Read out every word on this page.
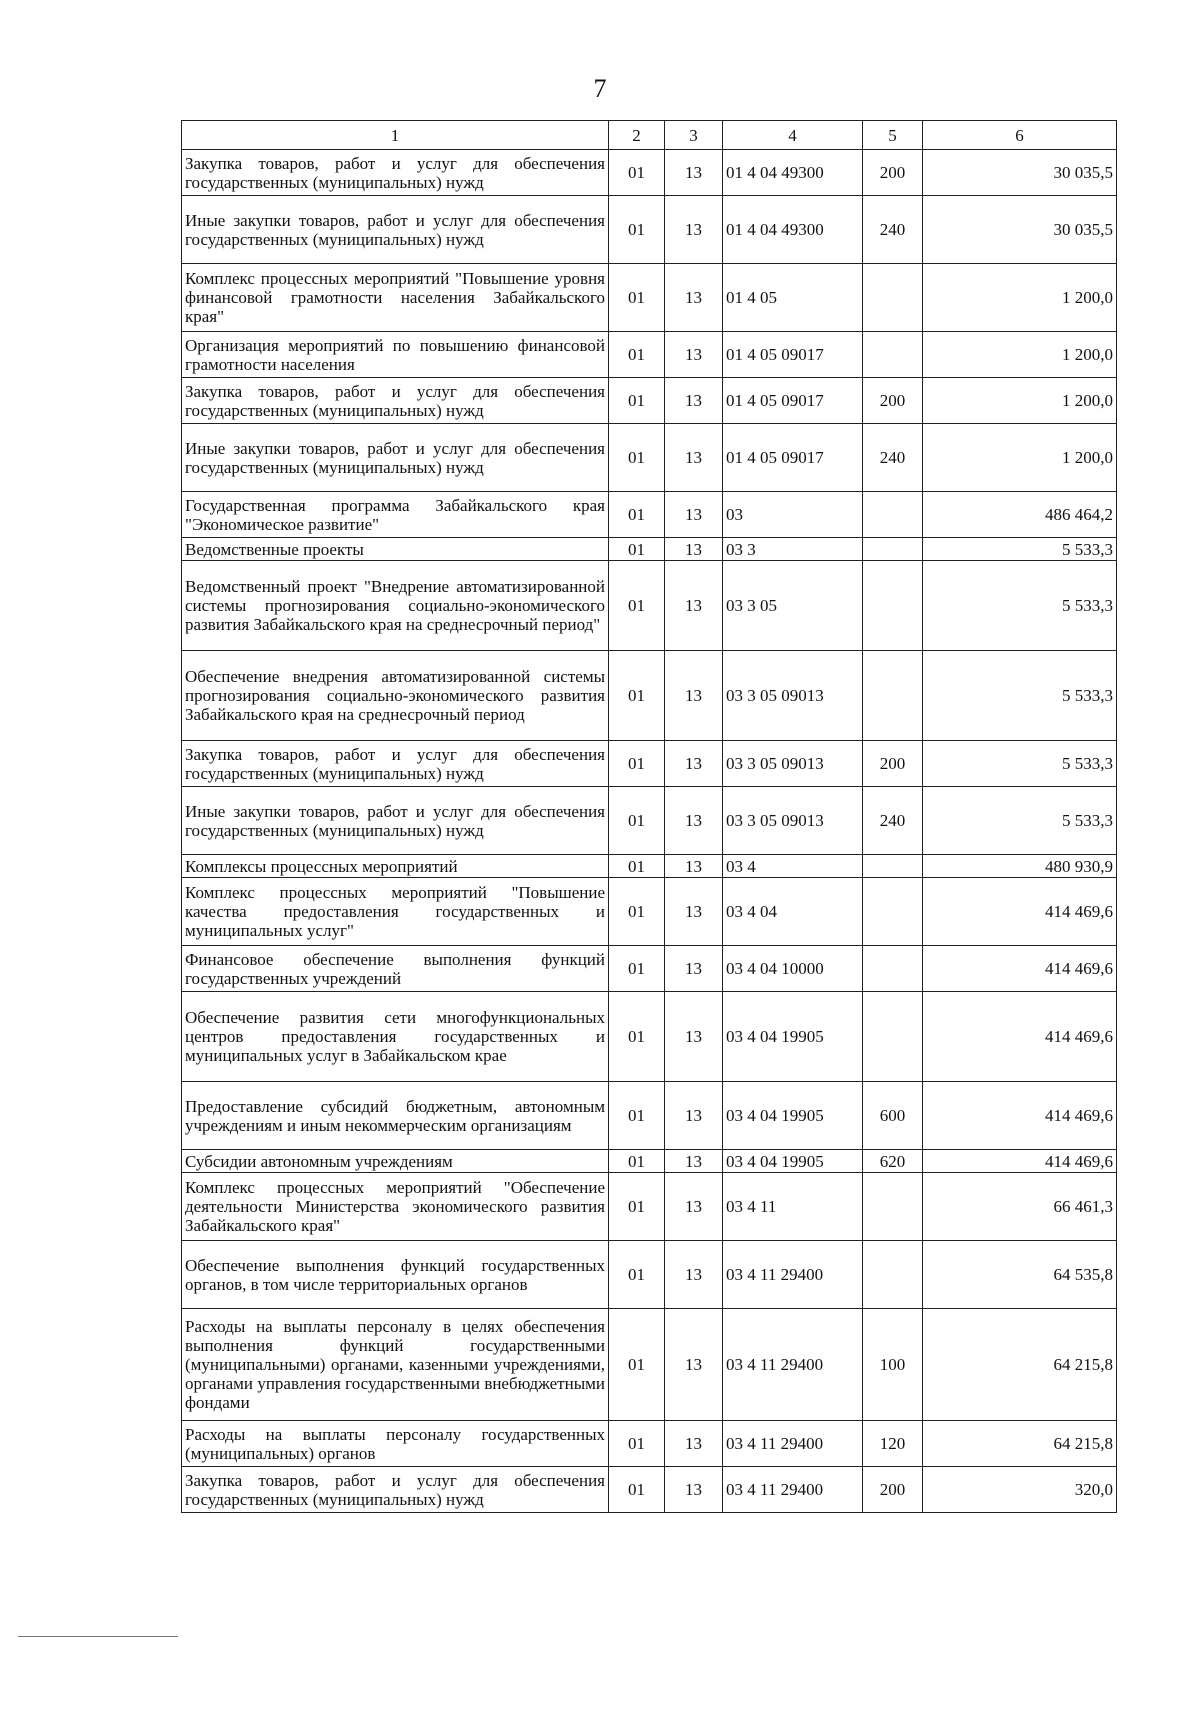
7
1	2	3	4	5	6
Закупка товаров, работ и услуг для обеспечения государственных (муниципальных) нужд	01	13	01 4 04 49300	200	30 035,5
Иные закупки товаров, работ и услуг для обеспечения государственных (муниципальных) нужд	01	13	01 4 04 49300	240	30 035,5
Комплекс процессных мероприятий "Повышение уровня финансовой грамотности населения Забайкальского края"	01	13	01 4 05		1 200,0
Организация мероприятий по повышению финансовой грамотности населения	01	13	01 4 05 09017		1 200,0
Закупка товаров, работ и услуг для обеспечения государственных (муниципальных) нужд	01	13	01 4 05 09017	200	1 200,0
Иные закупки товаров, работ и услуг для обеспечения государственных (муниципальных) нужд	01	13	01 4 05 09017	240	1 200,0
Государственная программа Забайкальского края "Экономическое развитие"	01	13	03		486 464,2
Ведомственные проекты	01	13	03 3		5 533,3
Ведомственный проект "Внедрение автоматизированной системы прогнозирования социально-экономического развития Забайкальского края на среднесрочный период"	01	13	03 3 05		5 533,3
Обеспечение внедрения автоматизированной системы прогнозирования социально-экономического развития Забайкальского края на среднесрочный период	01	13	03 3 05 09013		5 533,3
Закупка товаров, работ и услуг для обеспечения государственных (муниципальных) нужд	01	13	03 3 05 09013	200	5 533,3
Иные закупки товаров, работ и услуг для обеспечения государственных (муниципальных) нужд	01	13	03 3 05 09013	240	5 533,3
Комплексы процессных мероприятий	01	13	03 4		480 930,9
Комплекс процессных мероприятий "Повышение качества предоставления государственных и муниципальных услуг"	01	13	03 4 04		414 469,6
Финансовое обеспечение выполнения функций государственных учреждений	01	13	03 4 04 10000		414 469,6
Обеспечение развития сети многофункциональных центров предоставления государственных и муниципальных услуг в Забайкальском крае	01	13	03 4 04 19905		414 469,6
Предоставление субсидий бюджетным, автономным учреждениям и иным некоммерческим организациям	01	13	03 4 04 19905	600	414 469,6
Субсидии автономным учреждениям	01	13	03 4 04 19905	620	414 469,6
Комплекс процессных мероприятий "Обеспечение деятельности Министерства экономического развития Забайкальского края"	01	13	03 4 11		66 461,3
Обеспечение выполнения функций государственных органов, в том числе территориальных органов	01	13	03 4 11 29400		64 535,8
Расходы на выплаты персоналу в целях обеспечения выполнения функций государственными (муниципальными) органами, казенными учреждениями, органами управления государственными внебюджетными фондами	01	13	03 4 11 29400	100	64 215,8
Расходы на выплаты персоналу государственных (муниципальных) органов	01	13	03 4 11 29400	120	64 215,8
Закупка товаров, работ и услуг для обеспечения государственных (муниципальных) нужд	01	13	03 4 11 29400	200	320,0
